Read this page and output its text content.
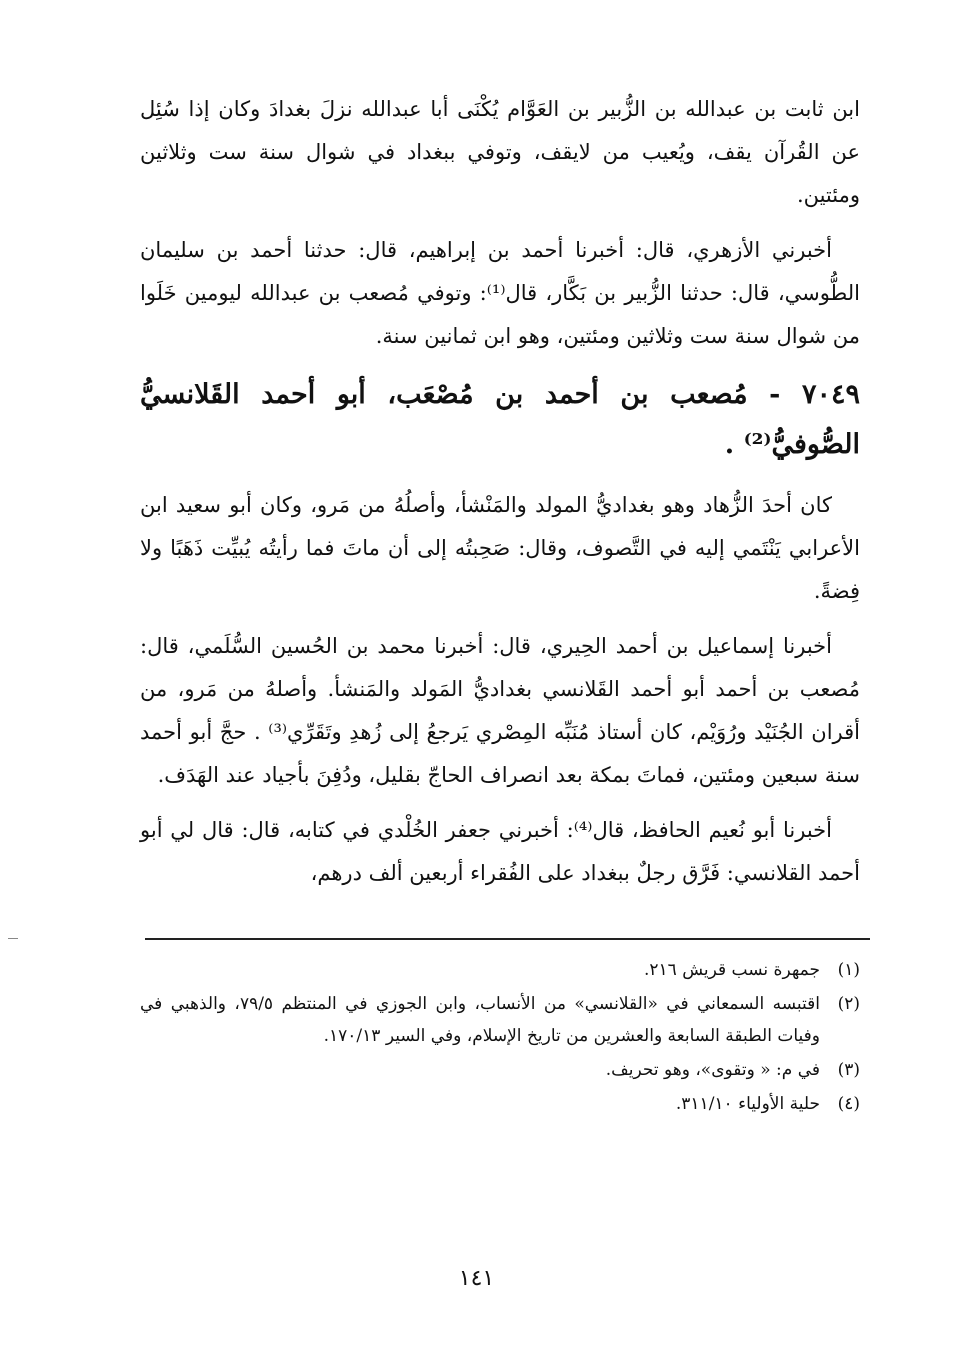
ابن ثابت بن عبدالله بن الزُّبير بن العَوَّام يُكْنَى أبا عبدالله نزلَ بغدادَ وكان إذا سُئِل عن القُرآن يقف، ويُعيب من لايقف، وتوفي ببغداد في شوال سنة ست وثلاثين ومئتين.

أخبرني الأزهري، قال: أخبرنا أحمد بن إبراهيم، قال: حدثنا أحمد بن سليمان الطُّوسي، قال: حدثنا الزُّبير بن بَكَّار، قال⁽¹⁾: وتوفي مُصعب بن عبدالله ليومين خَلَوا من شوال سنة ست وثلاثين ومئتين، وهو ابن ثمانين سنة.

٧٠٤٩ - مُصعب بن أحمد بن مُصْعَب، أبو أحمد القَلانسيُّ الصُّوفيُّ⁽²⁾ .

كان أحدَ الزُّهاد وهو بغداديُّ المولد والمَنْشأ، وأصلُهُ من مَرو، وكان أبو سعيد ابن الأعرابي يَنْتَمي إليه في التَّصوف، وقال: صَحِبتُه إلى أن ماتَ فما رأيتُه يُبيِّت ذَهَبًا ولا فِضةً.

أخبرنا إسماعيل بن أحمد الحِيري، قال: أخبرنا محمد بن الحُسين السُّلَمي، قال: مُصعب بن أحمد أبو أحمد القَلانسي بغداديُّ المَولد والمَنشأ. وأصلهُ من مَرو، من أقران الجُنَيْد ورُوَيْم، كان أستاذ مُنَبِّه المِصْري يَرجعُ إلى زُهدِ وتَقَرِّي⁽³⁾ . حجَّ أبو أحمد سنة سبعين ومئتين، فماتَ بمكة بعد انصراف الحاجّ بقليل، ودُفِنَ بأجياد عند الهَدَف.

أخبرنا أبو نُعيم الحافظ، قال⁽⁴⁾: أخبرني جعفر الخُلْدي في كتابه، قال: قال لي أبو أحمد القلانسي: فَرَّق رجلٌ ببغداد على الفُقراء أربعين ألف درهم،

(١)
جمهرة نسب قريش ٢١٦.
(٢)
اقتبسه السمعاني في «القلانسي» من الأنساب، وابن الجوزي في المنتظم ٧٩/٥، والذهبي في وفيات الطبقة السابعة والعشرين من تاريخ الإسلام، وفي السير ١٧٠/١٣.
(٣)
في م: « وتقوى»، وهو تحريف.
(٤)
حلية الأولياء ٣١١/١٠.
١٤١
